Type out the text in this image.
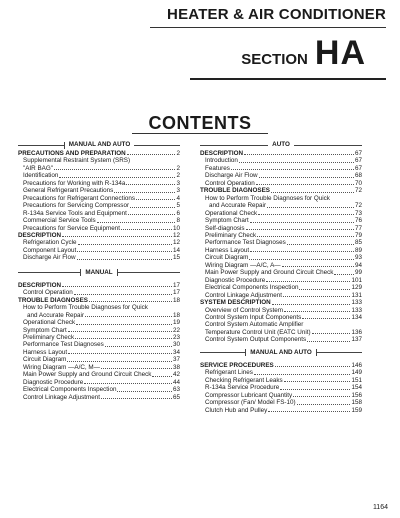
HEATER & AIR CONDITIONER
SECTION HA
CONTENTS
MANUAL AND AUTO
PRECAUTIONS AND PREPARATION	2
Supplemental Restraint System (SRS)
"AIR BAG"	2
Identification	2
Precautions for Working with R-134a	3
General Refrigerant Precautions	3
Precautions for Refrigerant Connections	4
Precautions for Servicing Compressor	5
R-134a Service Tools and Equipment	6
Commercial Service Tools	8
Precautions for Service Equipment	10
DESCRIPTION	12
Refrigeration Cycle	12
Component Layout	14
Discharge Air Flow	15
MANUAL
DESCRIPTION	17
Control Operation	17
TROUBLE DIAGNOSES	18
How to Perform Trouble Diagnoses for Quick
and Accurate Repair	18
Operational Check	19
Symptom Chart	22
Preliminary Check	23
Performance Test Diagnoses	30
Harness Layout	34
Circuit Diagram	37
Wiring Diagram —A/C, M—	38
Main Power Supply and Ground Circuit Check	42
Diagnostic Procedure	44
Electrical Components Inspection	63
Control Linkage Adjustment	65
AUTO
DESCRIPTION	67
Introduction	67
Features	67
Discharge Air Flow	68
Control Operation	70
TROUBLE DIAGNOSES	72
How to Perform Trouble Diagnoses for Quick
and Accurate Repair	72
Operational Check	73
Symptom Chart	76
Self-diagnosis	77
Preliminary Check	79
Performance Test Diagnoses	85
Harness Layout	89
Circuit Diagram	93
Wiring Diagram —A/C, A—	94
Main Power Supply and Ground Circuit Check	99
Diagnostic Procedure	101
Electrical Components Inspection	129
Control Linkage Adjustment	131
SYSTEM DESCRIPTION	133
Overview of Control System	133
Control System Input Components	134
Control System Automatic Amplifier
Temperature Control Unit (EATC Unit)	136
Control System Output Components	137
MANUAL AND AUTO
SERVICE PROCEDURES	146
Refrigerant Lines	149
Checking Refrigerant Leaks	151
R-134a Service Procedure	154
Compressor Lubricant Quantity	156
Compressor (Fan/ Model FS-10)	158
Clutch Hub and Pulley	159
1164
